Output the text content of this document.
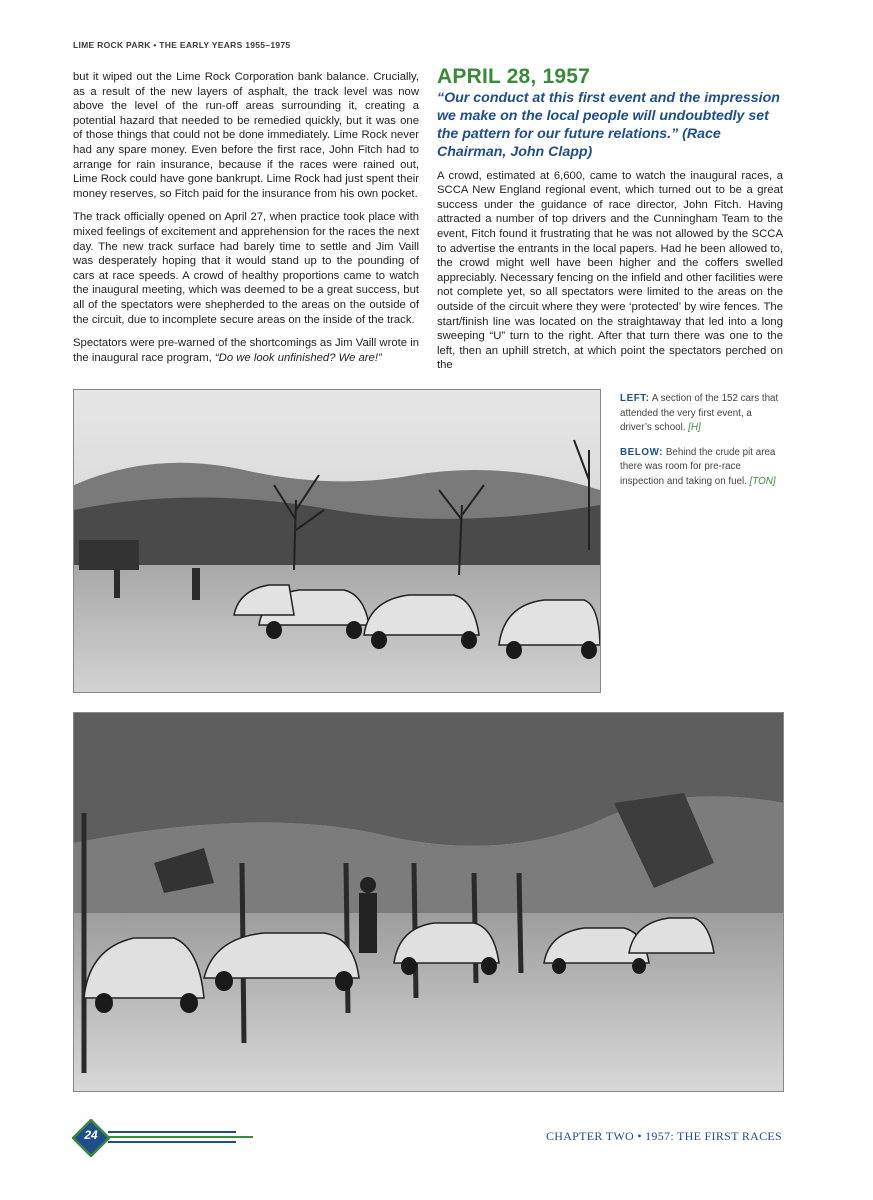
LIME ROCK PARK • THE EARLY YEARS 1955–1975

but it wiped out the Lime Rock Corporation bank balance. Crucially, as a result of the new layers of asphalt, the track level was now above the level of the run-off areas surrounding it, creating a potential hazard that needed to be remedied quickly, but it was one of those things that could not be done immediately. Lime Rock never had any spare money. Even before the first race, John Fitch had to arrange for rain insurance, because if the races were rained out, Lime Rock could have gone bankrupt. Lime Rock had just spent their money reserves, so Fitch paid for the insurance from his own pocket.

The track officially opened on April 27, when practice took place with mixed feelings of excitement and apprehension for the races the next day. The new track surface had barely time to settle and Jim Vaill was desperately hoping that it would stand up to the pounding of cars at race speeds. A crowd of healthy proportions came to watch the inaugural meeting, which was deemed to be a great success, but all of the spectators were shepherded to the areas on the outside of the circuit, due to incomplete secure areas on the inside of the track.

Spectators were pre-warned of the shortcomings as Jim Vaill wrote in the inaugural race program, “Do we look unfinished? We are!”

APRIL 28, 1957
“Our conduct at this first event and the impression we make on the local people will undoubtedly set the pattern for our future relations.” (Race Chairman, John Clapp)

A crowd, estimated at 6,600, came to watch the inaugural races, a SCCA New England regional event, which turned out to be a great success under the guidance of race director, John Fitch. Having attracted a number of top drivers and the Cunningham Team to the event, Fitch found it frustrating that he was not allowed by the SCCA to advertise the entrants in the local papers. Had he been allowed to, the crowd might well have been higher and the coffers swelled appreciably. Necessary fencing on the infield and other facilities were not complete yet, so all spectators were limited to the areas on the outside of the circuit where they were ‘protected’ by wire fences. The start/finish line was located on the straightaway that led into a long sweeping “U” turn to the right. After that turn there was one to the left, then an uphill stretch, at which point the spectators perched on the

LEFT: A section of the 152 cars that attended the very first event, a driver’s school. [H]

BELOW: Behind the crude pit area there was room for pre-race inspection and taking on fuel. [TON]

24	CHAPTER TWO • 1957: THE FIRST RACES
